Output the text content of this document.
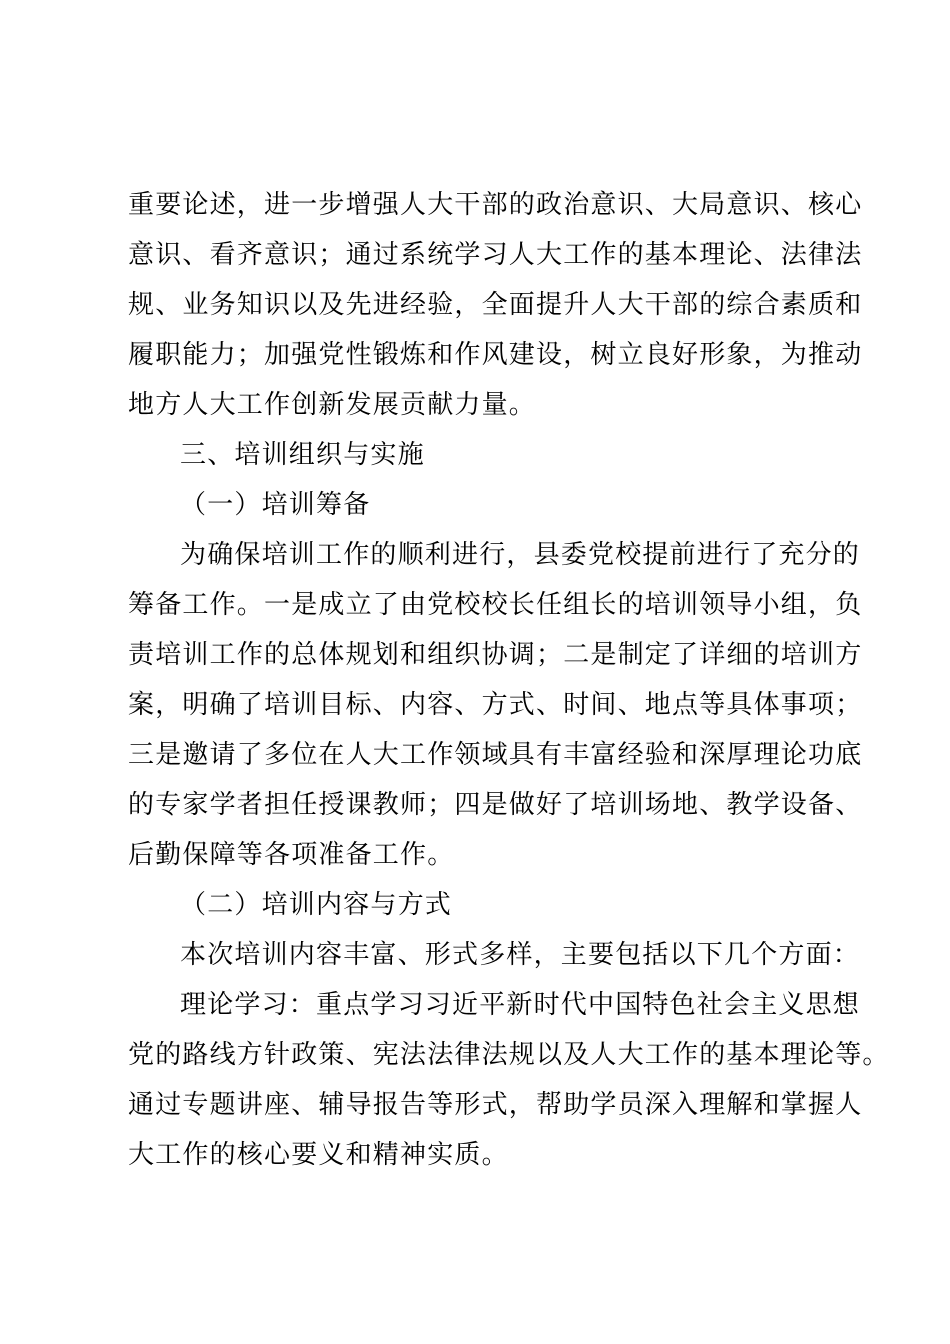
重要论述，进一步增强人大干部的政治意识、大局意识、核心
意识、看齐意识；通过系统学习人大工作的基本理论、法律法
规、业务知识以及先进经验，全面提升人大干部的综合素质和
履职能力；加强党性锻炼和作风建设，树立良好形象，为推动
地方人大工作创新发展贡献力量。
三、培训组织与实施
（一）培训筹备
为确保培训工作的顺利进行，县委党校提前进行了充分的
筹备工作。一是成立了由党校校长任组长的培训领导小组，负
责培训工作的总体规划和组织协调；二是制定了详细的培训方
案，明确了培训目标、内容、方式、时间、地点等具体事项；
三是邀请了多位在人大工作领域具有丰富经验和深厚理论功底
的专家学者担任授课教师；四是做好了培训场地、教学设备、
后勤保障等各项准备工作。
（二）培训内容与方式
本次培训内容丰富、形式多样，主要包括以下几个方面：
理论学习：重点学习习近平新时代中国特色社会主义思想
党的路线方针政策、宪法法律法规以及人大工作的基本理论等。
通过专题讲座、辅导报告等形式，帮助学员深入理解和掌握人
大工作的核心要义和精神实质。
